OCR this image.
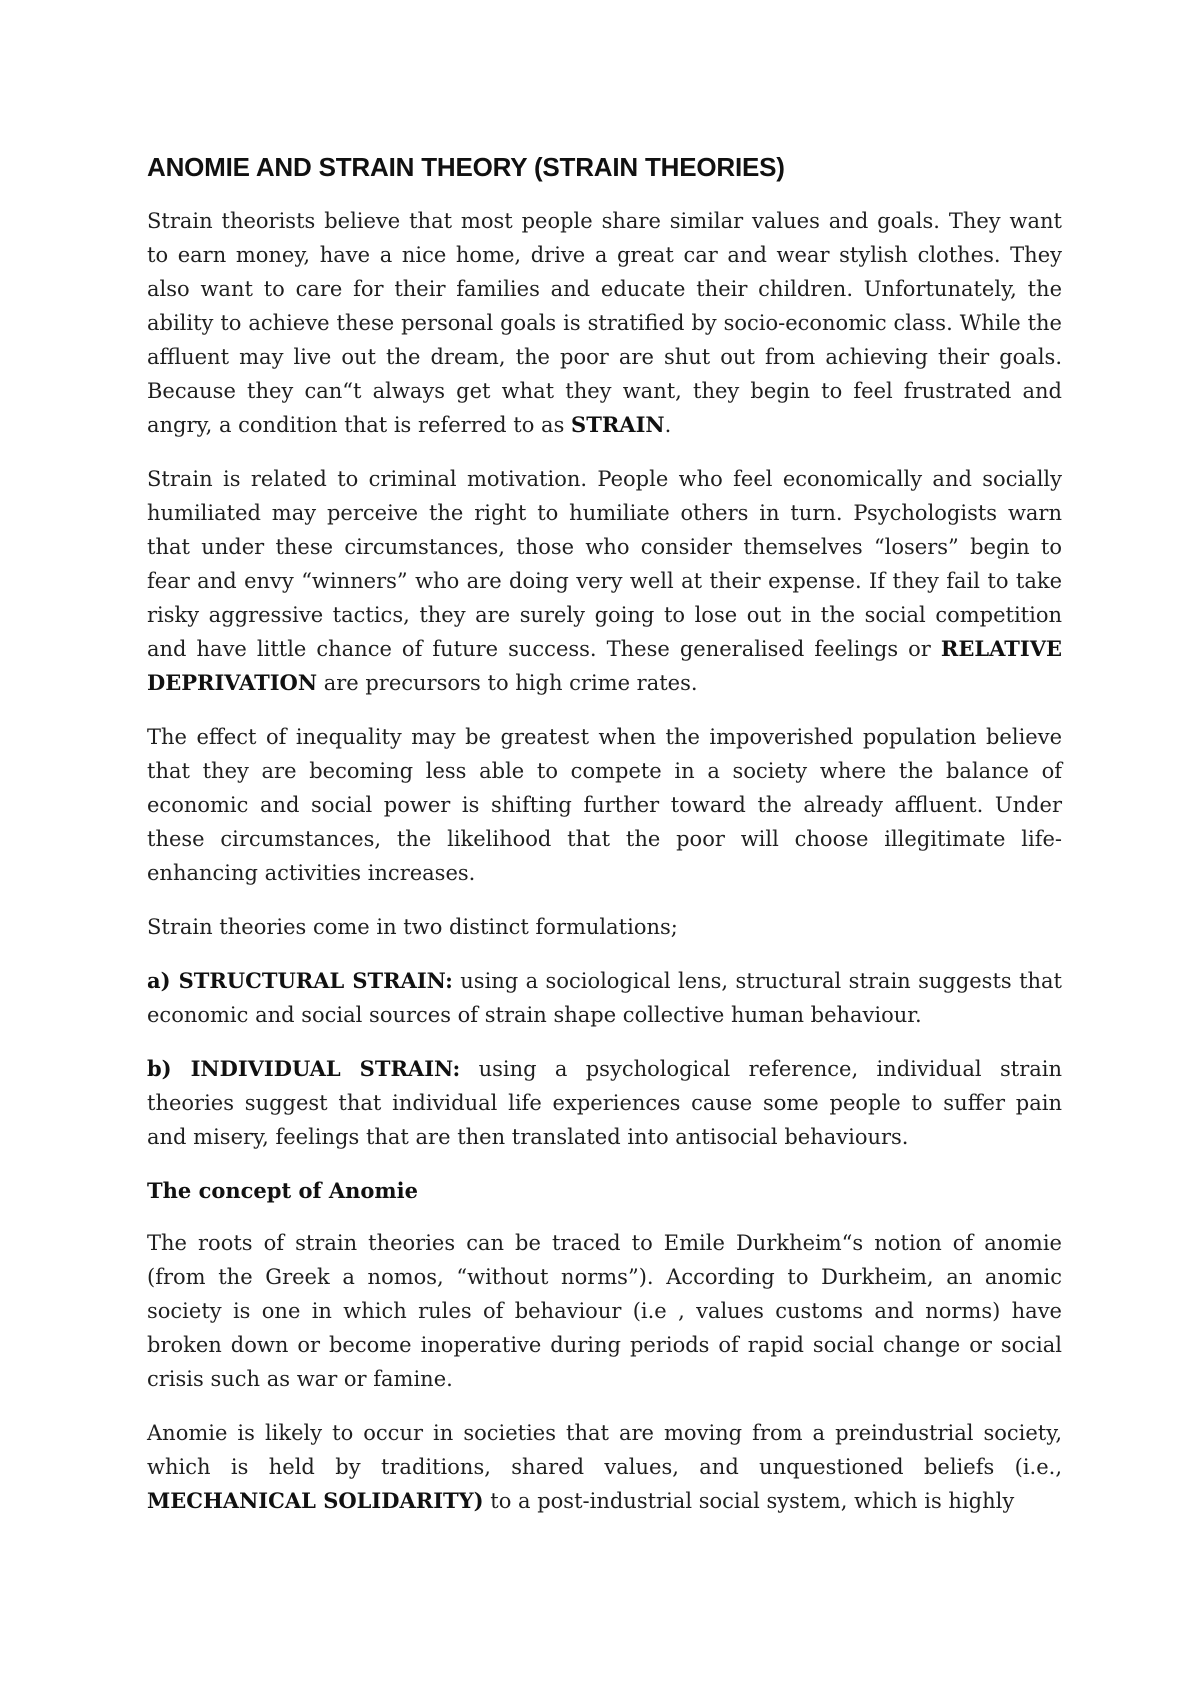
ANOMIE AND STRAIN THEORY (STRAIN THEORIES)

Strain theorists believe that most people share similar values and goals. They want to earn money, have a nice home, drive a great car and wear stylish clothes. They also want to care for their families and educate their children. Unfortunately, the ability to achieve these personal goals is stratified by socio-economic class. While the affluent may live out the dream, the poor are shut out from achieving their goals. Because they can“t always get what they want, they begin to feel frustrated and angry, a condition that is referred to as STRAIN.

Strain is related to criminal motivation. People who feel economically and socially humiliated may perceive the right to humiliate others in turn. Psychologists warn that under these circumstances, those who consider themselves “losers” begin to fear and envy “winners” who are doing very well at their expense. If they fail to take risky aggressive tactics, they are surely going to lose out in the social competition and have little chance of future success. These generalised feelings or RELATIVE DEPRIVATION are precursors to high crime rates.

The effect of inequality may be greatest when the impoverished population believe that they are becoming less able to compete in a society where the balance of economic and social power is shifting further toward the already affluent. Under these circumstances, the likelihood that the poor will choose illegitimate life-enhancing activities increases.

Strain theories come in two distinct formulations;

a) STRUCTURAL STRAIN: using a sociological lens, structural strain suggests that economic and social sources of strain shape collective human behaviour.

b) INDIVIDUAL STRAIN: using a psychological reference, individual strain theories suggest that individual life experiences cause some people to suffer pain and misery, feelings that are then translated into antisocial behaviours.

The concept of Anomie

The roots of strain theories can be traced to Emile Durkheim“s notion of anomie (from the Greek a nomos, “without norms”). According to Durkheim, an anomic society is one in which rules of behaviour (i.e , values customs and norms) have broken down or become inoperative during periods of rapid social change or social crisis such as war or famine.

Anomie is likely to occur in societies that are moving from a preindustrial society, which is held by traditions, shared values, and unquestioned beliefs (i.e., MECHANICAL SOLIDARITY) to a post-industrial social system, which is highly
